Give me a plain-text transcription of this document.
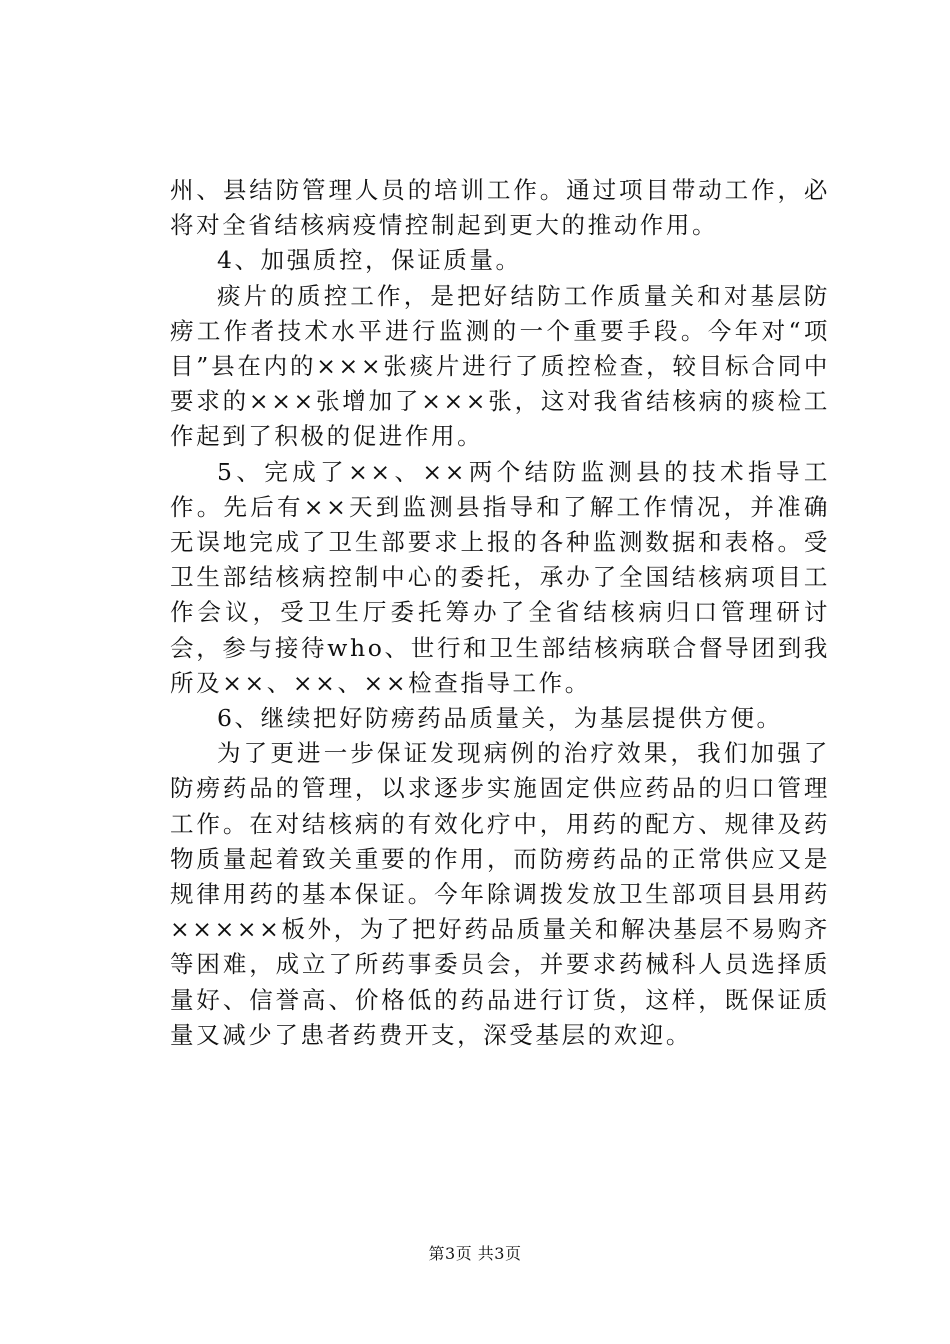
州、县结防管理人员的培训工作。通过项目带动工作，必将对全省结核病疫情控制起到更大的推动作用。

4、加强质控，保证质量。

痰片的质控工作，是把好结防工作质量关和对基层防痨工作者技术水平进行监测的一个重要手段。今年对“项目”县在内的×××张痰片进行了质控检查，较目标合同中要求的×××张增加了×××张，这对我省结核病的痰检工作起到了积极的促进作用。

5、完成了××、××两个结防监测县的技术指导工作。先后有××天到监测县指导和了解工作情况，并准确无误地完成了卫生部要求上报的各种监测数据和表格。受卫生部结核病控制中心的委托，承办了全国结核病项目工作会议，受卫生厅委托筹办了全省结核病归口管理研讨会，参与接待who、世行和卫生部结核病联合督导团到我所及××、××、××检查指导工作。

6、继续把好防痨药品质量关，为基层提供方便。

为了更进一步保证发现病例的治疗效果，我们加强了防痨药品的管理，以求逐步实施固定供应药品的归口管理工作。在对结核病的有效化疗中，用药的配方、规律及药物质量起着致关重要的作用，而防痨药品的正常供应又是规律用药的基本保证。今年除调拨发放卫生部项目县用药×××××板外，为了把好药品质量关和解决基层不易购齐等困难，成立了所药事委员会，并要求药械科人员选择质量好、信誉高、价格低的药品进行订货，这样，既保证质量又减少了患者药费开支，深受基层的欢迎。

第3页 共3页
